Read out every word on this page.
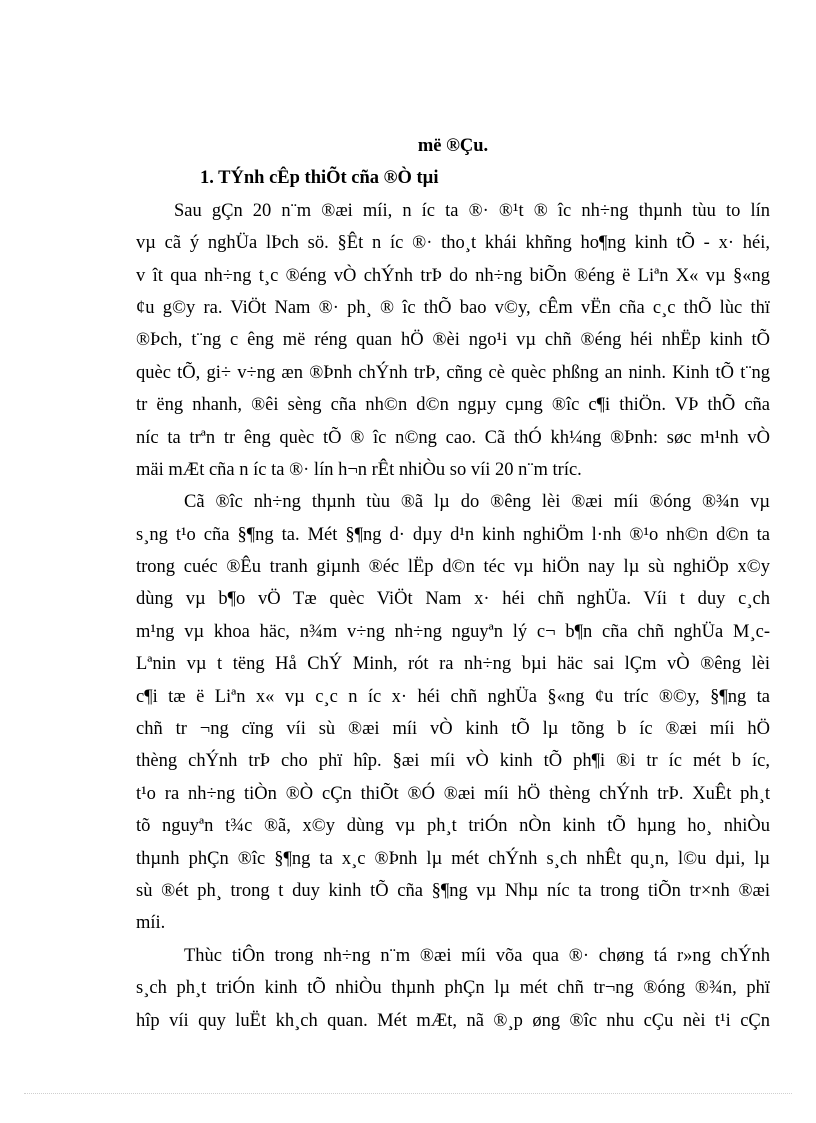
më ®Çu.
1. TÝnh cÊp thiÕt cña ®Ò tµi
Sau gÇn 20 n¨m ®æi míi, n íc ta ®· ®¹t ® îc nh÷ng thµnh tùu to lín
vµ cã ý nghÜa lÞch sö. §Êt n íc ®· tho¸t khái khñng ho¶ng kinh tÕ - x· héi,
v ît qua nh÷ng t¸c ®éng vÒ chÝnh trÞ do nh÷ng biÕn ®éng ë Liªn X« vµ §«ng
¢u g©y ra. ViÖt Nam ®· ph¸ ® îc thÕ bao v©y, cÊm vËn cña c¸c thÕ lùc thï
®Þch, t¨ng c êng më réng quan hÖ ®èi ngo¹i vµ chñ ®éng héi nhËp kinh tÕ
quèc tÕ, gi÷ v÷ng æn ®Þnh chÝnh trÞ, cñng cè quèc phßng an ninh. Kinh tÕ t¨ng
tr ëng nhanh, ®êi sèng cña nh©n d©n ngµy cµng ®îc c¶i thiÖn. VÞ thÕ cña
níc ta trªn tr êng quèc tÕ ® îc n©ng cao. Cã thÓ kh¼ng ®Þnh: søc m¹nh vÒ
mäi mÆt cña n íc ta ®· lín h¬n rÊt nhiÒu so víi 20 n¨m tríc.
Cã ®îc nh÷ng thµnh tùu ®ã lµ do ®êng lèi ®æi míi ®óng ®¾n vµ
s¸ng t¹o cña §¶ng ta. Mét §¶ng d· dµy d¹n kinh nghiÖm l·nh ®¹o nh©n d©n ta
trong cuéc ®Êu tranh giµnh ®éc lËp d©n téc vµ hiÖn nay lµ sù nghiÖp x©y
dùng vµ b¶o vÖ Tæ quèc ViÖt Nam x· héi chñ nghÜa. Víi t duy c¸ch
m¹ng vµ khoa häc, n¾m v÷ng nh÷ng nguyªn lý c¬ b¶n cña chñ nghÜa M¸c-
Lªnin vµ t tëng Hå ChÝ Minh, rót ra nh÷ng bµi häc sai lÇm vÒ ®êng lèi
c¶i tæ ë Liªn x« vµ c¸c n íc x· héi chñ nghÜa §«ng ¢u tríc ®©y, §¶ng ta
chñ tr ¬ng cïng víi sù ®æi míi vÒ kinh tÕ lµ tõng b íc ®æi míi hÖ
thèng chÝnh trÞ cho phï hîp. §æi míi vÒ kinh tÕ ph¶i ®i tr íc mét b íc,
t¹o ra nh÷ng tiÒn ®Ò cÇn thiÕt ®Ó ®æi míi hÖ thèng chÝnh trÞ. XuÊt ph¸t
tõ nguyªn t¾c ®ã, x©y dùng vµ ph¸t triÓn nÒn kinh tÕ hµng ho¸ nhiÒu
thµnh phÇn ®îc §¶ng ta x¸c ®Þnh lµ mét chÝnh s¸ch nhÊt qu¸n, l©u dµi, lµ
sù ®ét ph¸ trong t duy kinh tÕ cña §¶ng vµ Nhµ níc ta trong tiÕn tr×nh ®æi
míi.
Thùc tiÔn trong nh÷ng n¨m ®æi míi võa qua ®· chøng tá r»ng chÝnh
s¸ch ph¸t triÓn kinh tÕ nhiÒu thµnh phÇn lµ mét chñ tr¬ng ®óng ®¾n, phï
hîp víi quy luËt kh¸ch quan. Mét mÆt, nã ®¸p øng ®îc nhu cÇu nèi t¹i cÇn
